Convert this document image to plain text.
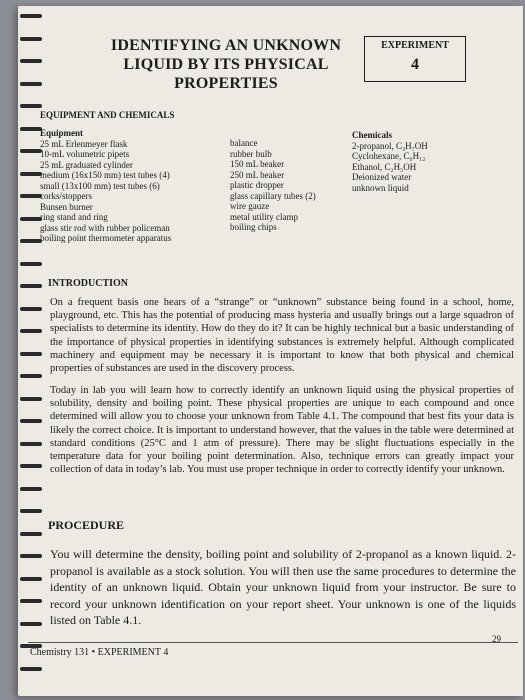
IDENTIFYING AN UNKNOWN
LIQUID BY ITS PHYSICAL
PROPERTIES
EXPERIMENT
4
EQUIPMENT AND CHEMICALS
Equipment
25 mL Erlenmeyer flask
10-mL volumetric pipets
25 mL graduated cylinder
medium (16x150 mm) test tubes (4)
small (13x100 mm) test tubes (6)
corks/stoppers
Bunsen burner
ring stand and ring
glass stir rod with rubber policeman
boiling point thermometer apparatus
balance
rubber bulb
150 mL beaker
250 mL beaker
plastic dropper
glass capillary tubes (2)
wire gauze
metal utility clamp
boiling chips
Chemicals
2-propanol, C₃H₇OH
Cyclohexane, C₆H₁₂
Ethanol, C₂H₅OH
Deionized water
unknown liquid
INTRODUCTION
On a frequent basis one hears of a “strange” or “unknown” substance being found in a school, home, playground, etc. This has the potential of producing mass hysteria and usually brings out a large squadron of specialists to determine its identity. How do they do it? It can be highly technical but a basic understanding of the importance of physical properties in identifying substances is extremely helpful. Although complicated machinery and equipment may be necessary it is important to know that both physical and chemical properties of substances are used in the discovery process.
Today in lab you will learn how to correctly identify an unknown liquid using the physical properties of solubility, density and boiling point. These physical properties are unique to each compound and once determined will allow you to choose your unknown from Table 4.1. The compound that best fits your data is likely the correct choice. It is important to understand however, that the values in the table were determined at standard conditions (25°C and 1 atm of pressure). There may be slight fluctuations especially in the temperature data for your boiling point determination. Also, technique errors can greatly impact your collection of data in today’s lab. You must use proper technique in order to correctly identify your unknown.
PROCEDURE
You will determine the density, boiling point and solubility of 2-propanol as a known liquid. 2-propanol is available as a stock solution. You will then use the same procedures to determine the identity of an unknown liquid. Obtain your unknown liquid from your instructor. Be sure to record your unknown identification on your report sheet. Your unknown is one of the liquids listed on Table 4.1.
Chemistry 131 • EXPERIMENT 4
29
